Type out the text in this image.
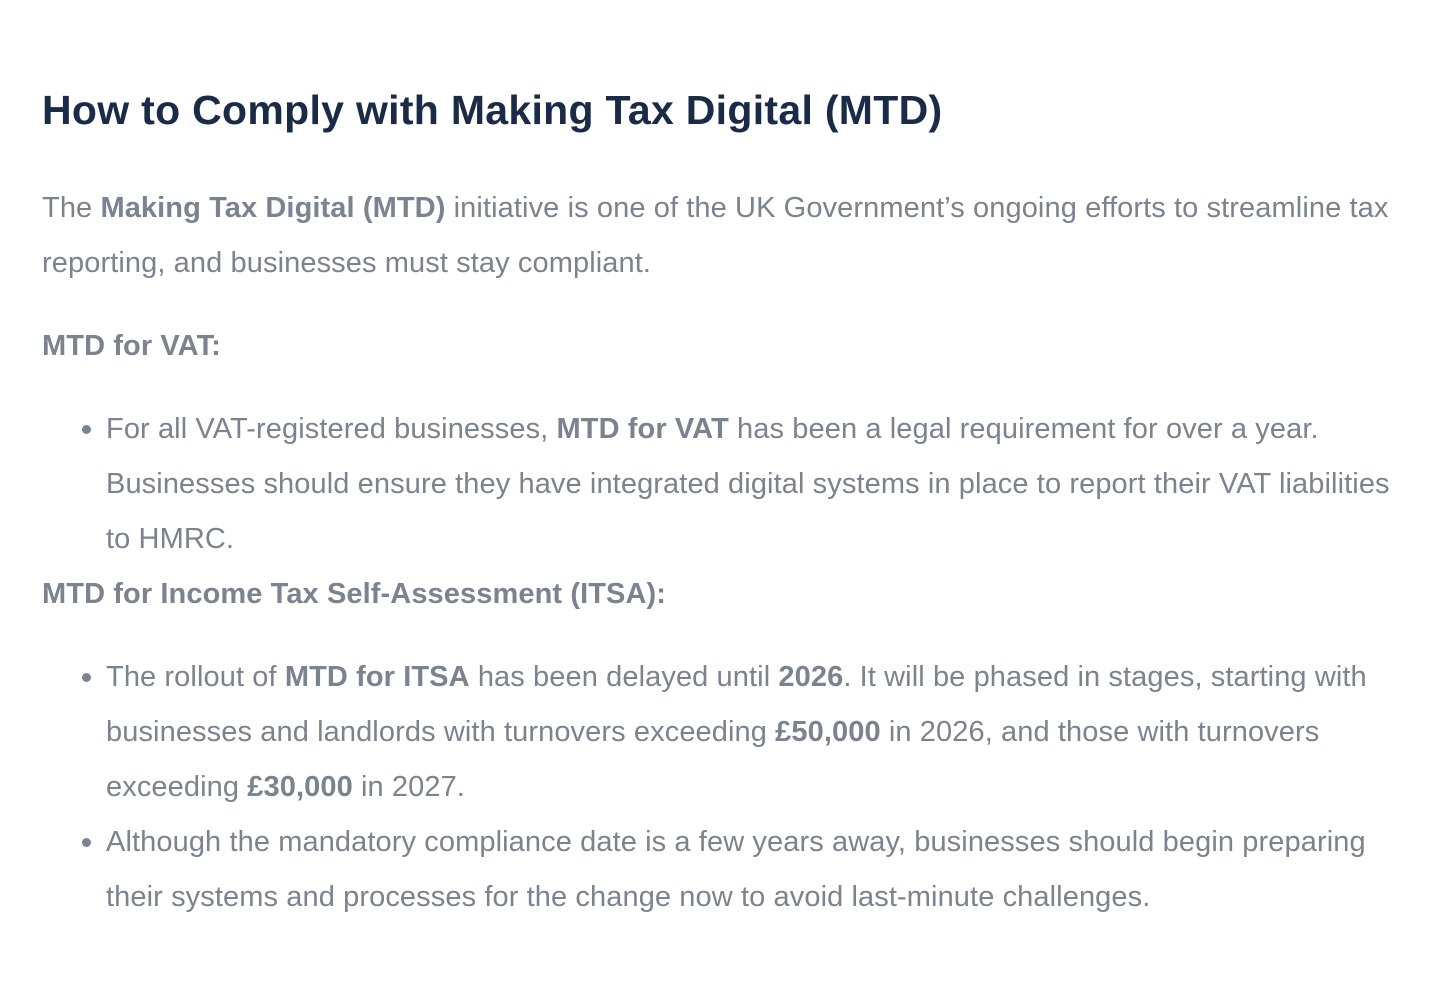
How to Comply with Making Tax Digital (MTD)

The Making Tax Digital (MTD) initiative is one of the UK Government’s ongoing efforts to streamline tax reporting, and businesses must stay compliant.

MTD for VAT:

For all VAT-registered businesses, MTD for VAT has been a legal requirement for over a year. Businesses should ensure they have integrated digital systems in place to report their VAT liabilities to HMRC.

MTD for Income Tax Self-Assessment (ITSA):

The rollout of MTD for ITSA has been delayed until 2026. It will be phased in stages, starting with businesses and landlords with turnovers exceeding £50,000 in 2026, and those with turnovers exceeding £30,000 in 2027.
Although the mandatory compliance date is a few years away, businesses should begin preparing their systems and processes for the change now to avoid last-minute challenges.
